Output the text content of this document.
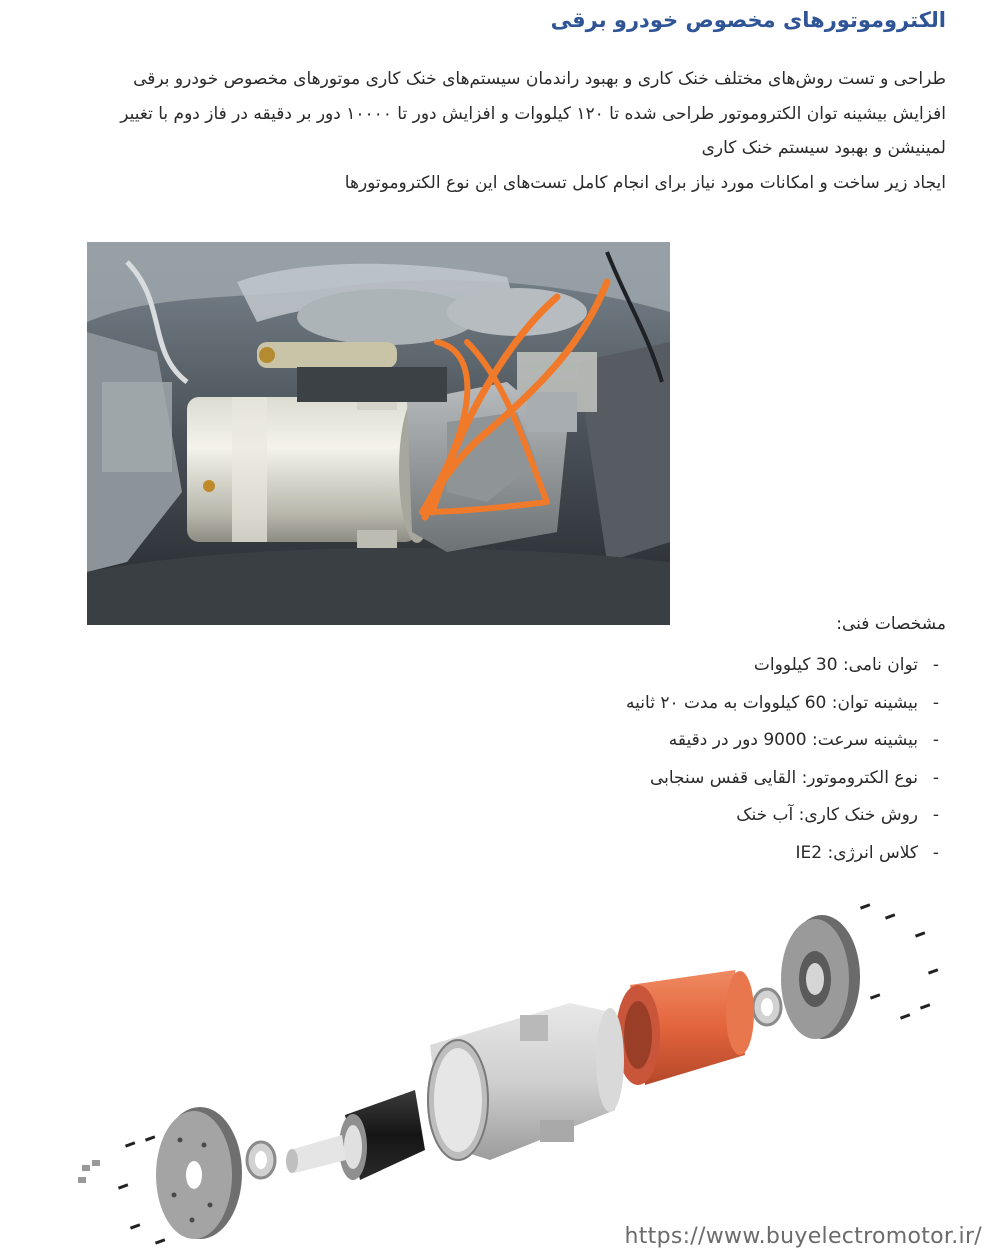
الکتروموتورهای مخصوص خودرو برقی

طراحی و تست روش‌های مختلف خنک کاری و بهبود راندمان سیستم‌های خنک کاری موتورهای مخصوص خودرو برقی

افزایش بیشینه توان الکتروموتور طراحی شده تا ۱۲۰ کیلووات و افزایش دور تا ۱۰۰۰۰ دور بر دقیقه در فاز دوم با تغییر لمینیشن و بهبود سیستم خنک کاری

ایجاد زیر ساخت و امکانات مورد نیاز برای انجام کامل تست‌های این نوع الکتروموتورها

مشخصات فنی:
-توان نامی: 30 کیلووات
-بیشینه توان: 60 کیلووات به مدت ۲۰ ثانیه
-بیشینه سرعت: 9000 دور در دقیقه
-نوع الکتروموتور: القایی قفس سنجابی
-روش خنک کاری: آب خنک
-کلاس انرژی: IE2
https://www.buyelectromotor.ir/
